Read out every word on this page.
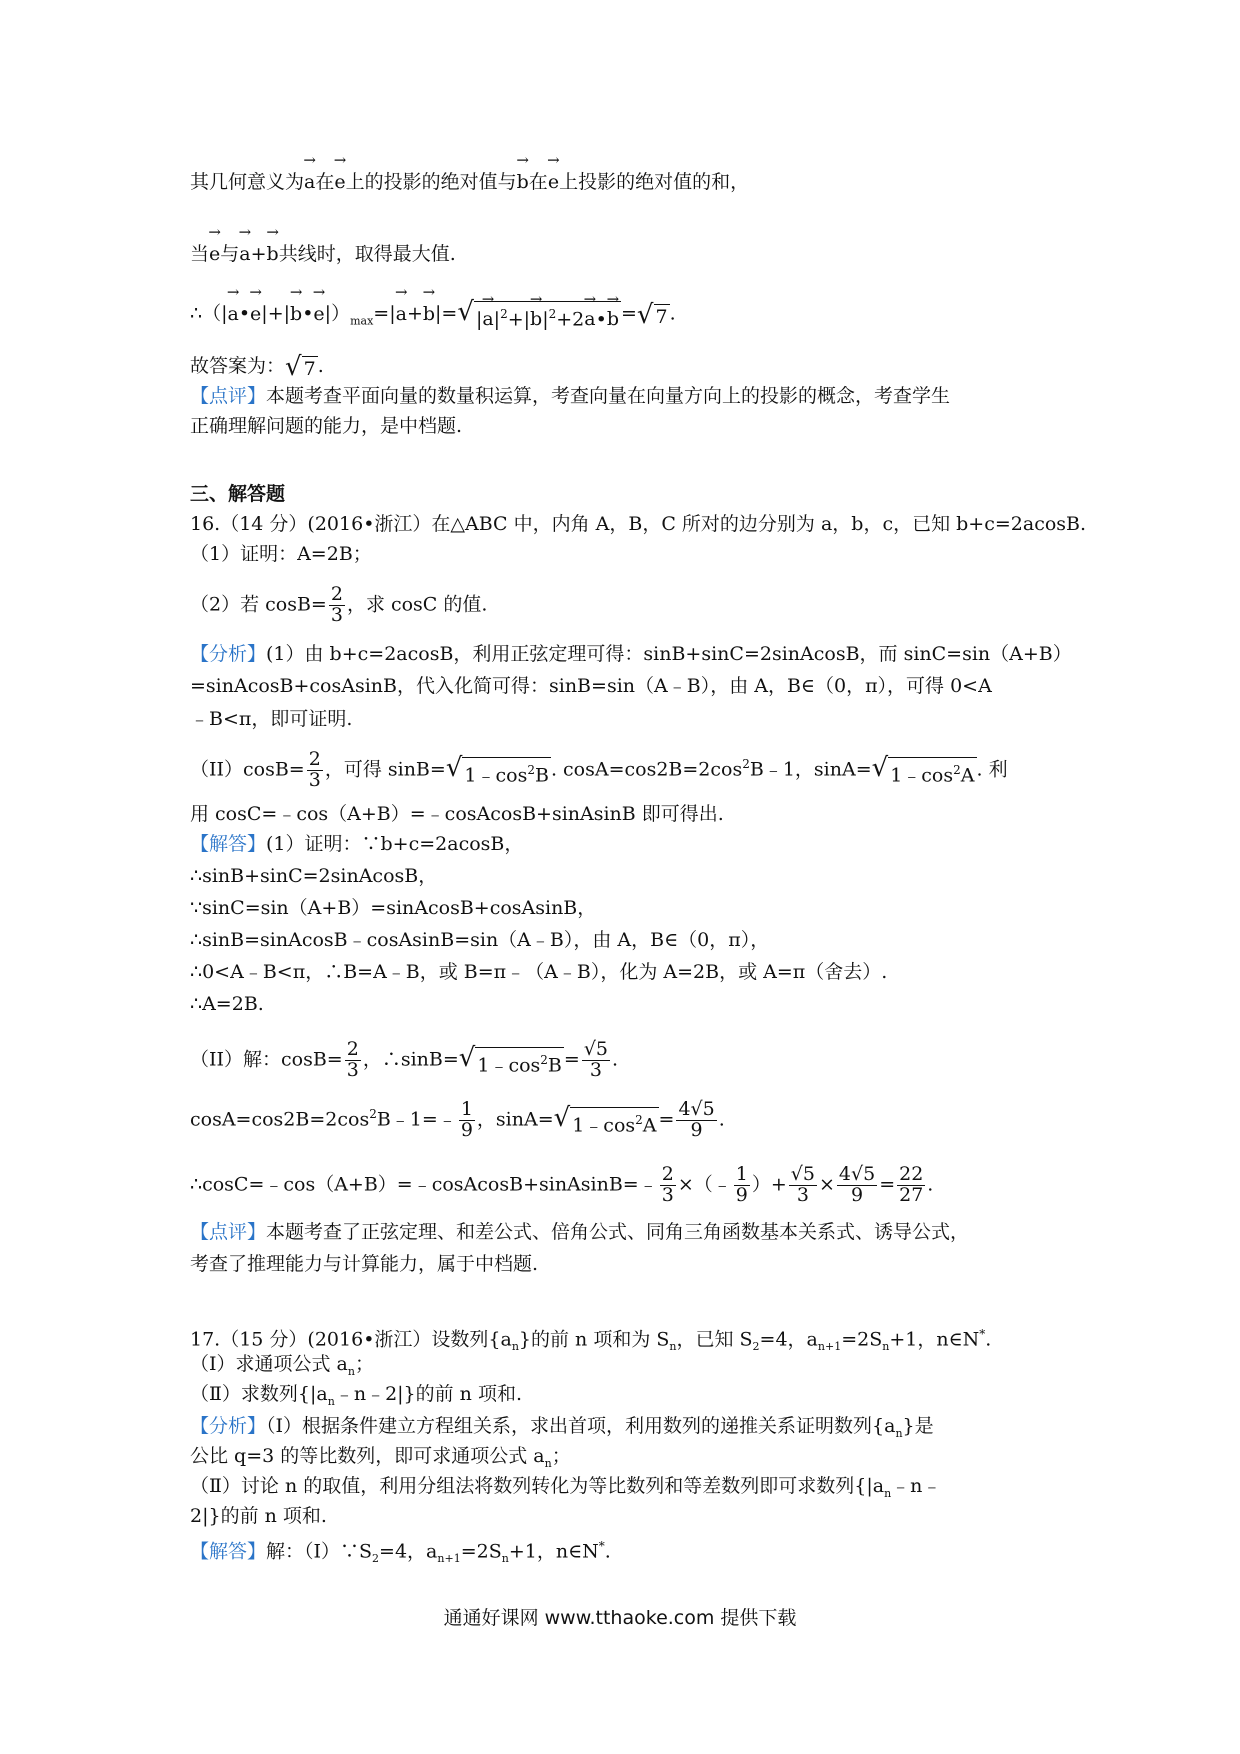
其几何意义为→ a在→ e上的投影的绝对值与→ b在→ e上投影的绝对值的和，
当→ e与→ a+→ b共线时，取得最大值.
∴（|→ a•→ e|+|→ b•→ $e|)_{max}=|\to a+\to b|=$ √ |→ $a|^2+|\to b|^2+2\to$ a•→ b = √ 7 .
故答案为： √ 7 .
【点评】本题考查平面向量的数量积运算，考查向量在向量方向上的投影的概念，考查学生
正确理解问题的能力，是中档题.
三、解答题
16.（14 分）(2016•浙江）在△ABC 中，内角 A，B，C 所对的边分别为 a，b，c，已知 b+c=2acosB.
（1）证明：A=2B；
（2）若 $\cos B= \frac{2}{3}$ ，求 cosC 的值.
【分析】(1）由 b+c=2acosB，利用正弦定理可得：sinB+sinC=2sinAcosB，而 sinC=sin（A+B）
=sinAcosB+cosAsinB，代入化简可得：sinB=sin（A﹣B），由 A，B∈（0，π），可得 0<A
﹣B<π，即可证明.
$(II)\cos B= \frac{2}{3}$ ，可得 sinB= √ $1﹣\cos^2B$ . $\cos A=\cos 2B=2\cos^2B﹣1$，sinA= √ $1﹣\cos^2A$ . 利
用 cosC=﹣cos（A+B）=﹣cosAcosB+sinAsinB 即可得出.
【解答】(1）证明：∵b+c=2acosB，
∴sinB+sinC=2sinAcosB，
∵sinC=sin（A+B）=sinAcosB+cosAsinB，
∴sinB=sinAcosB﹣cosAsinB=sin（A﹣B），由 A，B∈（0，π），
∴0<A﹣B<π，∴B=A﹣B，或 B=π﹣（A﹣B），化为 A=2B，或 A=π（舍去）.
∴A=2B.
（II）解：$\cos B= \frac{2}{3}$ ，∴sinB= √ $1﹣\cos^2B = \frac{√5}{3}$ .
$\cos A=\cos 2B=2\cos^2B﹣1=﹣ \frac{1}{9}$ ，sinA= √ $1﹣\cos^2A = \frac{4√5}{9}$ .
∴cosC=﹣cos（A+B）=﹣cosAcosB+sinAsinB=﹣ $\frac{2}{3}$ ×（﹣ $\frac{1}{9}$ ）+ $\frac{√5}{3} \times \frac{4√5}{9} = \frac{22}{27}$ .
【点评】本题考查了正弦定理、和差公式、倍角公式、同角三角函数基本关系式、诱导公式，
考查了推理能力与计算能力，属于中档题.
17.（15 分）(2016•浙江）设数列$\{a_n\}$的前 n 项和为 $S_n$，已知 $S_2=4$，$a_{n+1}=2S_n+1$，n∈N*.
（Ⅰ）求通项公式 $a_n$；
（Ⅱ）求数列$\{|a_n﹣n﹣2|\}$的前 n 项和.
【分析】（Ⅰ）根据条件建立方程组关系，求出首项，利用数列的递推关系证明数列$\{a_n\}$是
公比 q=3 的等比数列，即可求通项公式 $a_n$；
（Ⅱ）讨论 n 的取值，利用分组法将数列转化为等比数列和等差数列即可求数列{$|a_n﹣n﹣$
2|}的前 n 项和.
【解答】解：$(Ⅰ)\because S_2=4$，$a_{n+1}=2S_n+1$，n∈N*.
通通好课网 www.tthaoke.com 提供下载
